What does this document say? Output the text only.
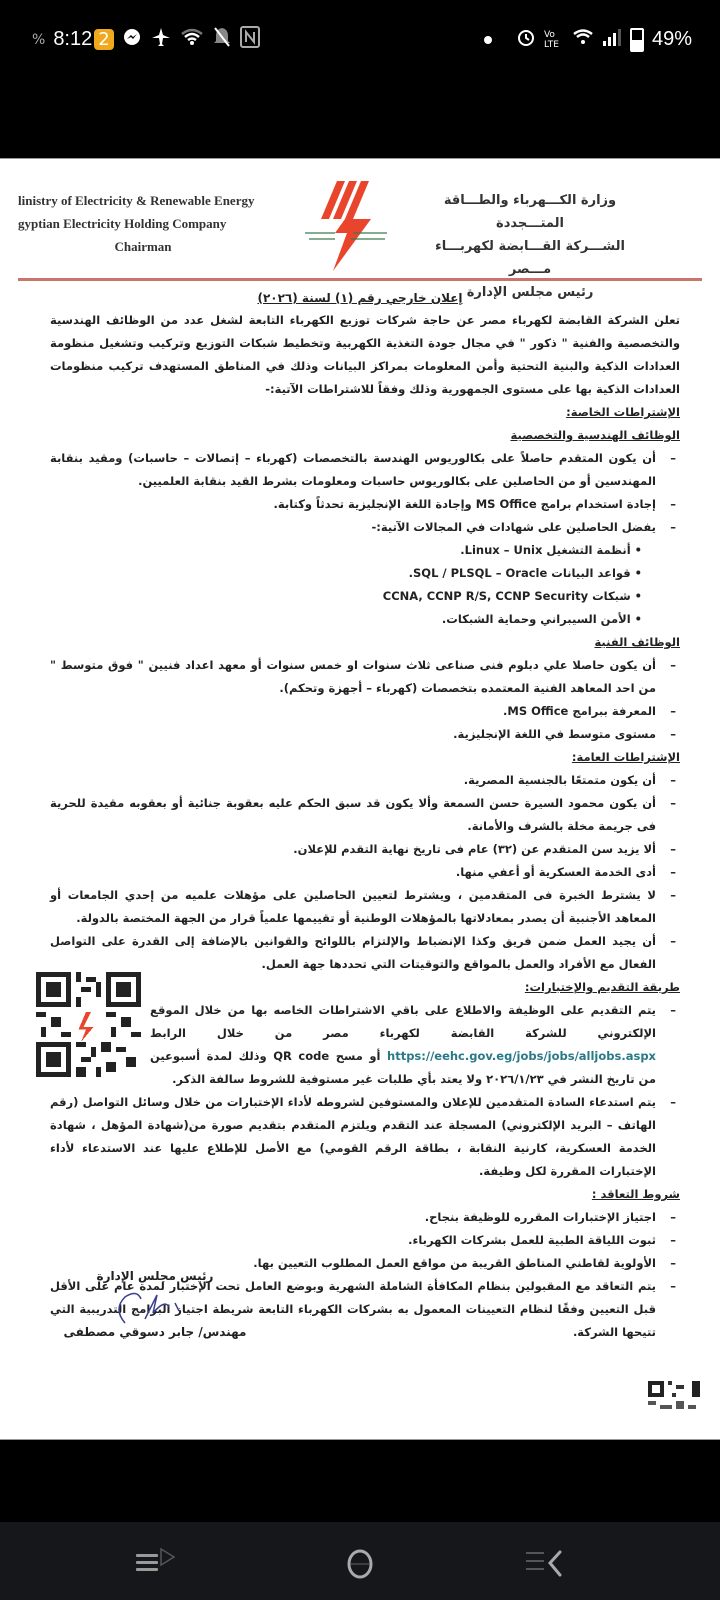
% 8:12 2	Vo LTE	49%
linistry of Electricity & Renewable Energy
gyptian Electricity Holding Company
Chairman
وزارة الكـــهرباء والطـــاقة المتـــجددة
الشـــركة القـــابضة لكهربـــاء مـــصر
رئيس مجلس الإدارة
إعلان خارجي رقم (١) لسنة (٢٠٢٦)
تعلن الشركة القابضة لكهرباء مصر عن حاجة شركات توزيع الكهرباء التابعة لشغل عدد من الوظائف الهندسية والتخصصية والفنية " ذكور " في مجال جودة التغذية الكهربية وتخطيط شبكات التوزيع وتركيب وتشغيل منظومة العدادات الذكية والبنية التحتية وأمن المعلومات بمراكز البيانات وذلك في المناطق المستهدف تركيب منظومات العدادات الذكية بها على مستوى الجمهورية وذلك وفقاً للاشتراطات الآتية:-
الإشتراطات الخاصة:
الوظائف الهندسية والتخصصية
– أن يكون المتقدم حاصلاً على بكالوريوس الهندسة بالتخصصات (كهرباء – إتصالات – حاسبات) ومقيد بنقابة المهندسين أو من الحاصلين على بكالوريوس حاسبات ومعلومات بشرط القيد بنقابة العلميين.
– إجادة استخدام برامج MS Office وإجادة اللغة الإنجليزية تحدثاً وكتابة.
– يفضل الحاصلين على شهادات في المجالات الآتية:-
• أنظمة التشغيل Linux – Unix.
• قواعد البيانات SQL / PLSQL – Oracle.
• شبكات CCNA, CCNP R/S, CCNP Security
• الأمن السيبراني وحماية الشبكات.
الوظائف الفنية
– أن يكون حاصلا علي دبلوم فنى صناعى ثلاث سنوات او خمس سنوات أو معهد اعداد فنيين " فوق متوسط " من احد المعاهد الفنية المعتمده بتخصصات (كهرباء – أجهزة وتحكم).
– المعرفة ببرامج MS Office.
– مستوى متوسط في اللغة الإنجليزية.
الإشتراطات العامة:
– أن يكون متمتعًا بالجنسية المصرية.
– أن يكون محمود السيرة حسن السمعة وألا يكون قد سبق الحكم عليه بعقوبة جنائية أو بعقوبه مقيدة للحرية فى جريمة مخلة بالشرف والأمانة.
– ألا يزيد سن المتقدم عن (٣٢) عام فى تاريخ نهاية التقدم للإعلان.
– أدى الخدمة العسكرية أو أعفي منها.
– لا يشترط الخبرة فى المتقدمين ، ويشترط لتعيين الحاصلين على مؤهلات علميه من إحدي الجامعات أو المعاهد الأجنبية أن يصدر بمعادلاتها بالمؤهلات الوطنية أو تقييمها علمياً قرار من الجهة المختصة بالدولة.
– أن يجيد العمل ضمن فريق وكذا الإنضباط والإلتزام باللوائح والقوانين بالإضافة إلى القدرة على التواصل الفعال مع الأفراد والعمل بالمواقع والتوقيتات التي تحددها جهة العمل.
طريقة التقديم والإختبارات:
– يتم التقديم على الوظيفة والاطلاع على باقي الاشتراطات الخاصه بها من خلال الموقع الإلكتروني للشركة القابضة لكهرباء مصر من خلال الرابط https://eehc.gov.eg/jobs/jobs/alljobs.aspx أو مسح QR code وذلك لمدة أسبوعين من تاريخ النشر في ٢٠٢٦/١/٢٣ ولا يعتد بأي طلبات غير مستوفية للشروط سالفة الذكر.
– يتم استدعاء السادة المتقدمين للإعلان والمستوفين لشروطه لأداء الإختبارات من خلال وسائل التواصل (رقم الهاتف – البريد الإلكتروني) المسجلة عند التقدم ويلتزم المتقدم بتقديم صورة من(شهادة المؤهل ، شهادة الخدمة العسكرية، كارنية النقابة ، بطاقة الرقم القومي) مع الأصل للإطلاع عليها عند الاستدعاء لأداء الإختبارات المقررة لكل وظيفة.
شروط التعاقد :
– اجتياز الإختبارات المقرره للوظيفة بنجاح.
– ثبوت اللياقة الطبية للعمل بشركات الكهرباء.
– الأولوية لقاطني المناطق القريبة من مواقع العمل المطلوب التعيين بها.
– يتم التعاقد مع المقبولين بنظام المكافأة الشاملة الشهرية وبوضع العامل تحت الإختبار لمدة عام على الأقل قبل التعيين وفقًا لنظام التعيينات المعمول به بشركات الكهرباء التابعة شريطة اجتياز البرامج التدريبية التي تتيحها الشركة.
رئيس مجلس الإدارة
مهندس/ جابر دسوقي مصطفى
